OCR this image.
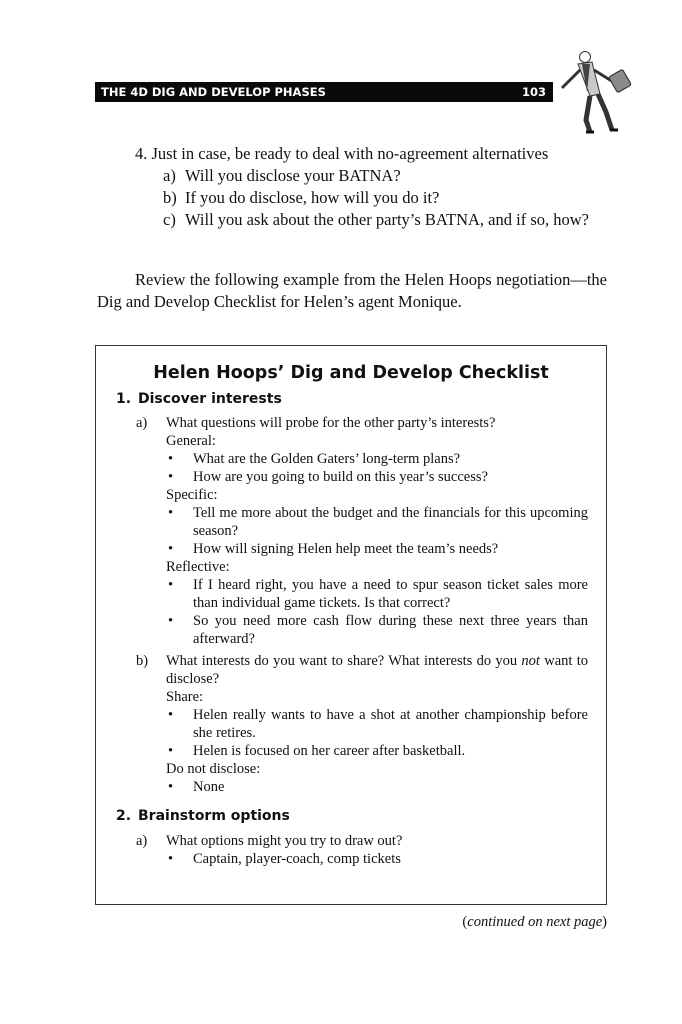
THE 4D DIG AND DEVELOP PHASES	103

4. Just in case, be ready to deal with no-agreement alternatives

a) Will you disclose your BATNA?
b) If you do disclose, how will you do it?
c) Will you ask about the other party’s BATNA, and if so, how?

Review the following example from the Helen Hoops negotiation—the Dig and Develop Checklist for Helen’s agent Monique.

Helen Hoops’ Dig and Develop Checklist
1. Discover interests
a)	What questions will probe for the other party’s interests?

General:

•	What are the Golden Gaters’ long-term plans?
•	How are you going to build on this year’s success?

Specific:

•	Tell me more about the budget and the financials for this upcoming season?
•	How will signing Helen help meet the team’s needs?

Reflective:

•	If I heard right, you have a need to spur season ticket sales more than individual game tickets. Is that correct?
•	So you need more cash flow during these next three years than afterward?
b)	What interests do you want to share? What interests do you not want to disclose?

Share:

•	Helen really wants to have a shot at another championship before she retires.
•	Helen is focused on her career after basketball.

Do not disclose:

•	None
2. Brainstorm options
a)	What options might you try to draw out?

•	Captain, player-coach, comp tickets
(continued on next page)
